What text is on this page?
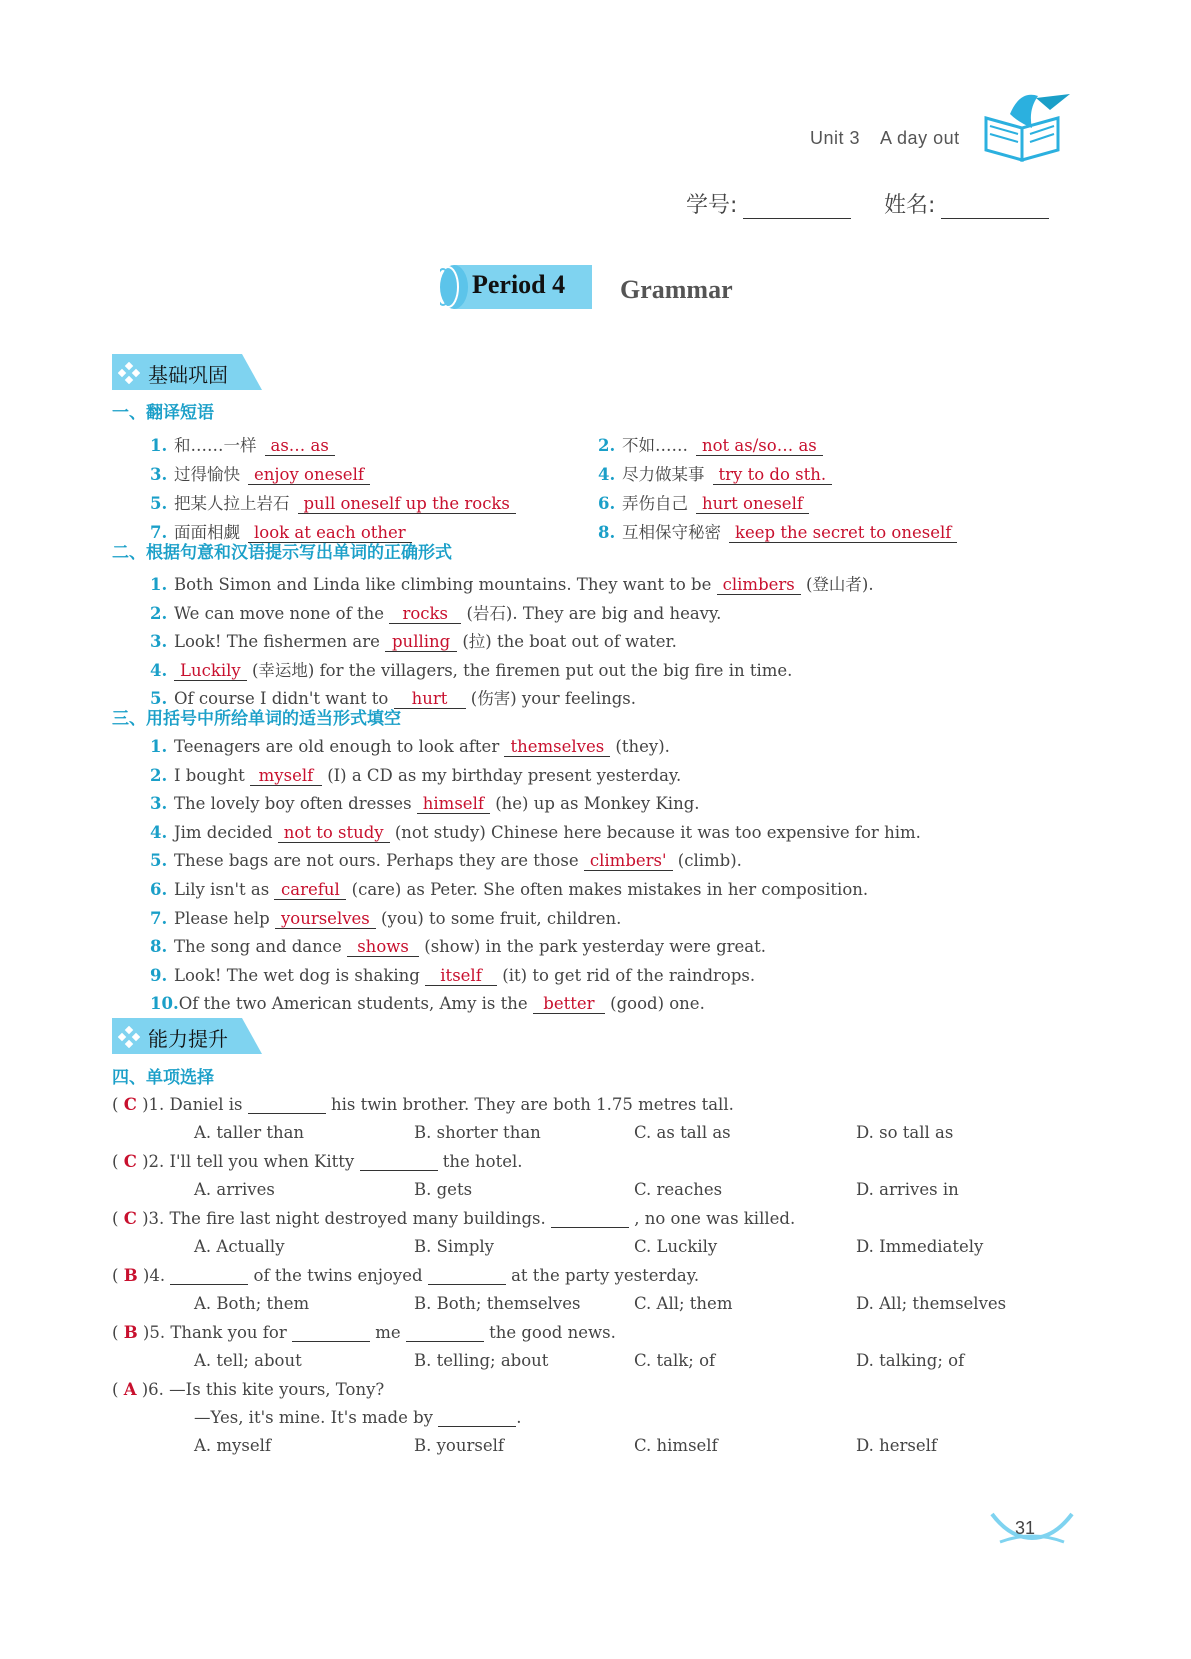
Unit 3 A day out
学号:	姓名:
Period 4 Grammar
基础巩固
一、翻译短语
1. 和……一样 as… as	2. 不如…… not as/so… as
3. 过得愉快 enjoy oneself	4. 尽力做某事 try to do sth.
5. 把某人拉上岩石 pull oneself up the rocks	6. 弄伤自己 hurt oneself
7. 面面相觑 look at each other	8. 互相保守秘密 keep the secret to oneself
二、根据句意和汉语提示写出单词的正确形式
1. Both Simon and Linda like climbing mountains. They want to be climbers (登山者).
2. We can move none of the rocks (岩石). They are big and heavy.
3. Look! The fishermen are pulling (拉) the boat out of water.
4. Luckily (幸运地) for the villagers, the firemen put out the big fire in time.
5. Of course I didn't want to hurt (伤害) your feelings.
三、用括号中所给单词的适当形式填空
1. Teenagers are old enough to look after themselves (they).
2. I bought myself (I) a CD as my birthday present yesterday.
3. The lovely boy often dresses himself (he) up as Monkey King.
4. Jim decided not to study (not study) Chinese here because it was too expensive for him.
5. These bags are not ours. Perhaps they are those climbers' (climb).
6. Lily isn't as careful (care) as Peter. She often makes mistakes in her composition.
7. Please help yourselves (you) to some fruit, children.
8. The song and dance shows (show) in the park yesterday were great.
9. Look! The wet dog is shaking itself (it) to get rid of the raindrops.
10.Of the two American students, Amy is the better (good) one.
能力提升
四、单项选择
( C )1. Daniel is	his twin brother. They are both 1.75 metres tall.
A. taller than	B. shorter than	C. as tall as	D. so tall as
( C )2. I'll tell you when Kitty	the hotel.
A. arrives	B. gets	C. reaches	D. arrives in
( C )3. The fire last night destroyed many buildings.	, no one was killed.
A. Actually	B. Simply	C. Luckily	D. Immediately
( B )4.	of the twins enjoyed	at the party yesterday.
A. Both; them	B. Both; themselves	C. All; them	D. All; themselves
( B )5. Thank you for	me	the good news.
A. tell; about	B. telling; about	C. talk; of	D. talking; of
—Yes, it's mine. It's made by	.
( A )6. —Is this kite yours, Tony?
A. myself	B. yourself	C. himself	D. herself
31
